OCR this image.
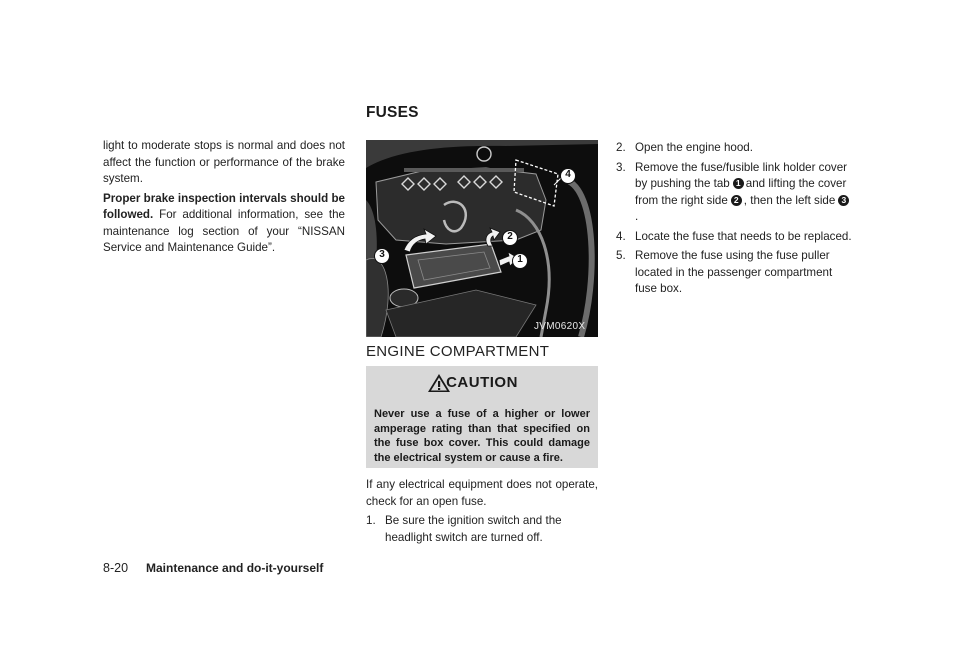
FUSES

light to moderate stops is normal and does not affect the function or performance of the brake system.

Proper brake inspection intervals should be followed. For additional information, see the maintenance log section of your “NISSAN Service and Maintenance Guide”.

3
2
1
4
JVM0620X
ENGINE COMPARTMENT
CAUTION
Never use a fuse of a higher or lower amperage rating than that specified on the fuse box cover. This could damage the electrical system or cause a fire.

If any electrical equipment does not operate, check for an open fuse.

1. Be sure the ignition switch and the headlight switch are turned off.
2. Open the engine hood.
3. Remove the fuse/fusible link holder cover by pushing the tab 1 and lifting the cover from the right side 2 , then the left side 3.
4. Locate the fuse that needs to be replaced.
5. Remove the fuse using the fuse puller located in the passenger compartment fuse box.
8-20 Maintenance and do-it-yourself
